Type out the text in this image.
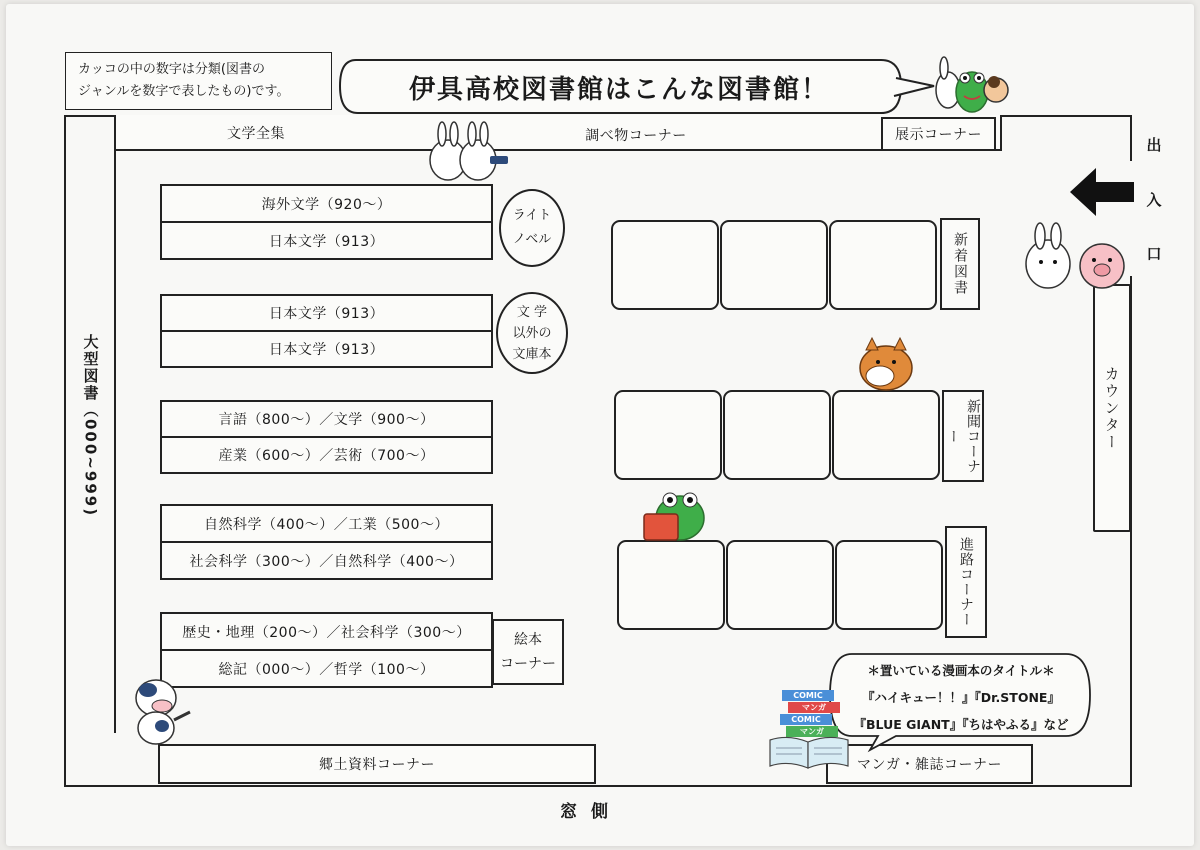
カッコの中の数字は分類(図書の
ジャンルを数字で表したもの)です。	伊具高校図書館はこんな図書館！
文学全集	調べ物コーナー	展示コーナー
出
入
口
大型図書（000~999)
海外文学（920～）
日本文学（913）
日本文学（913）
日本文学（913）
言語（800～）／文学（900～）
産業（600～）／芸術（700～）
自然科学（400～）／工業（500～）
社会科学（300～）／自然科学（400～）
歴史・地理（200～）／社会科学（300～）
総記（000～）／哲学（100～）
ライト
ノベル
文 学
以外の
文庫本
絵本
コーナー
新着図書
新聞コーナー
進路コーナー
カウンター
郷土資料コーナー	マンガ・雑誌コーナー
＊置いている漫画本のタイトル＊
『ハイキュー！！』『Dr.STONE』
『BLUE GIANT』『ちはやふる』など
COMIC
マンガ
COMIC
マンガ
窓 側
